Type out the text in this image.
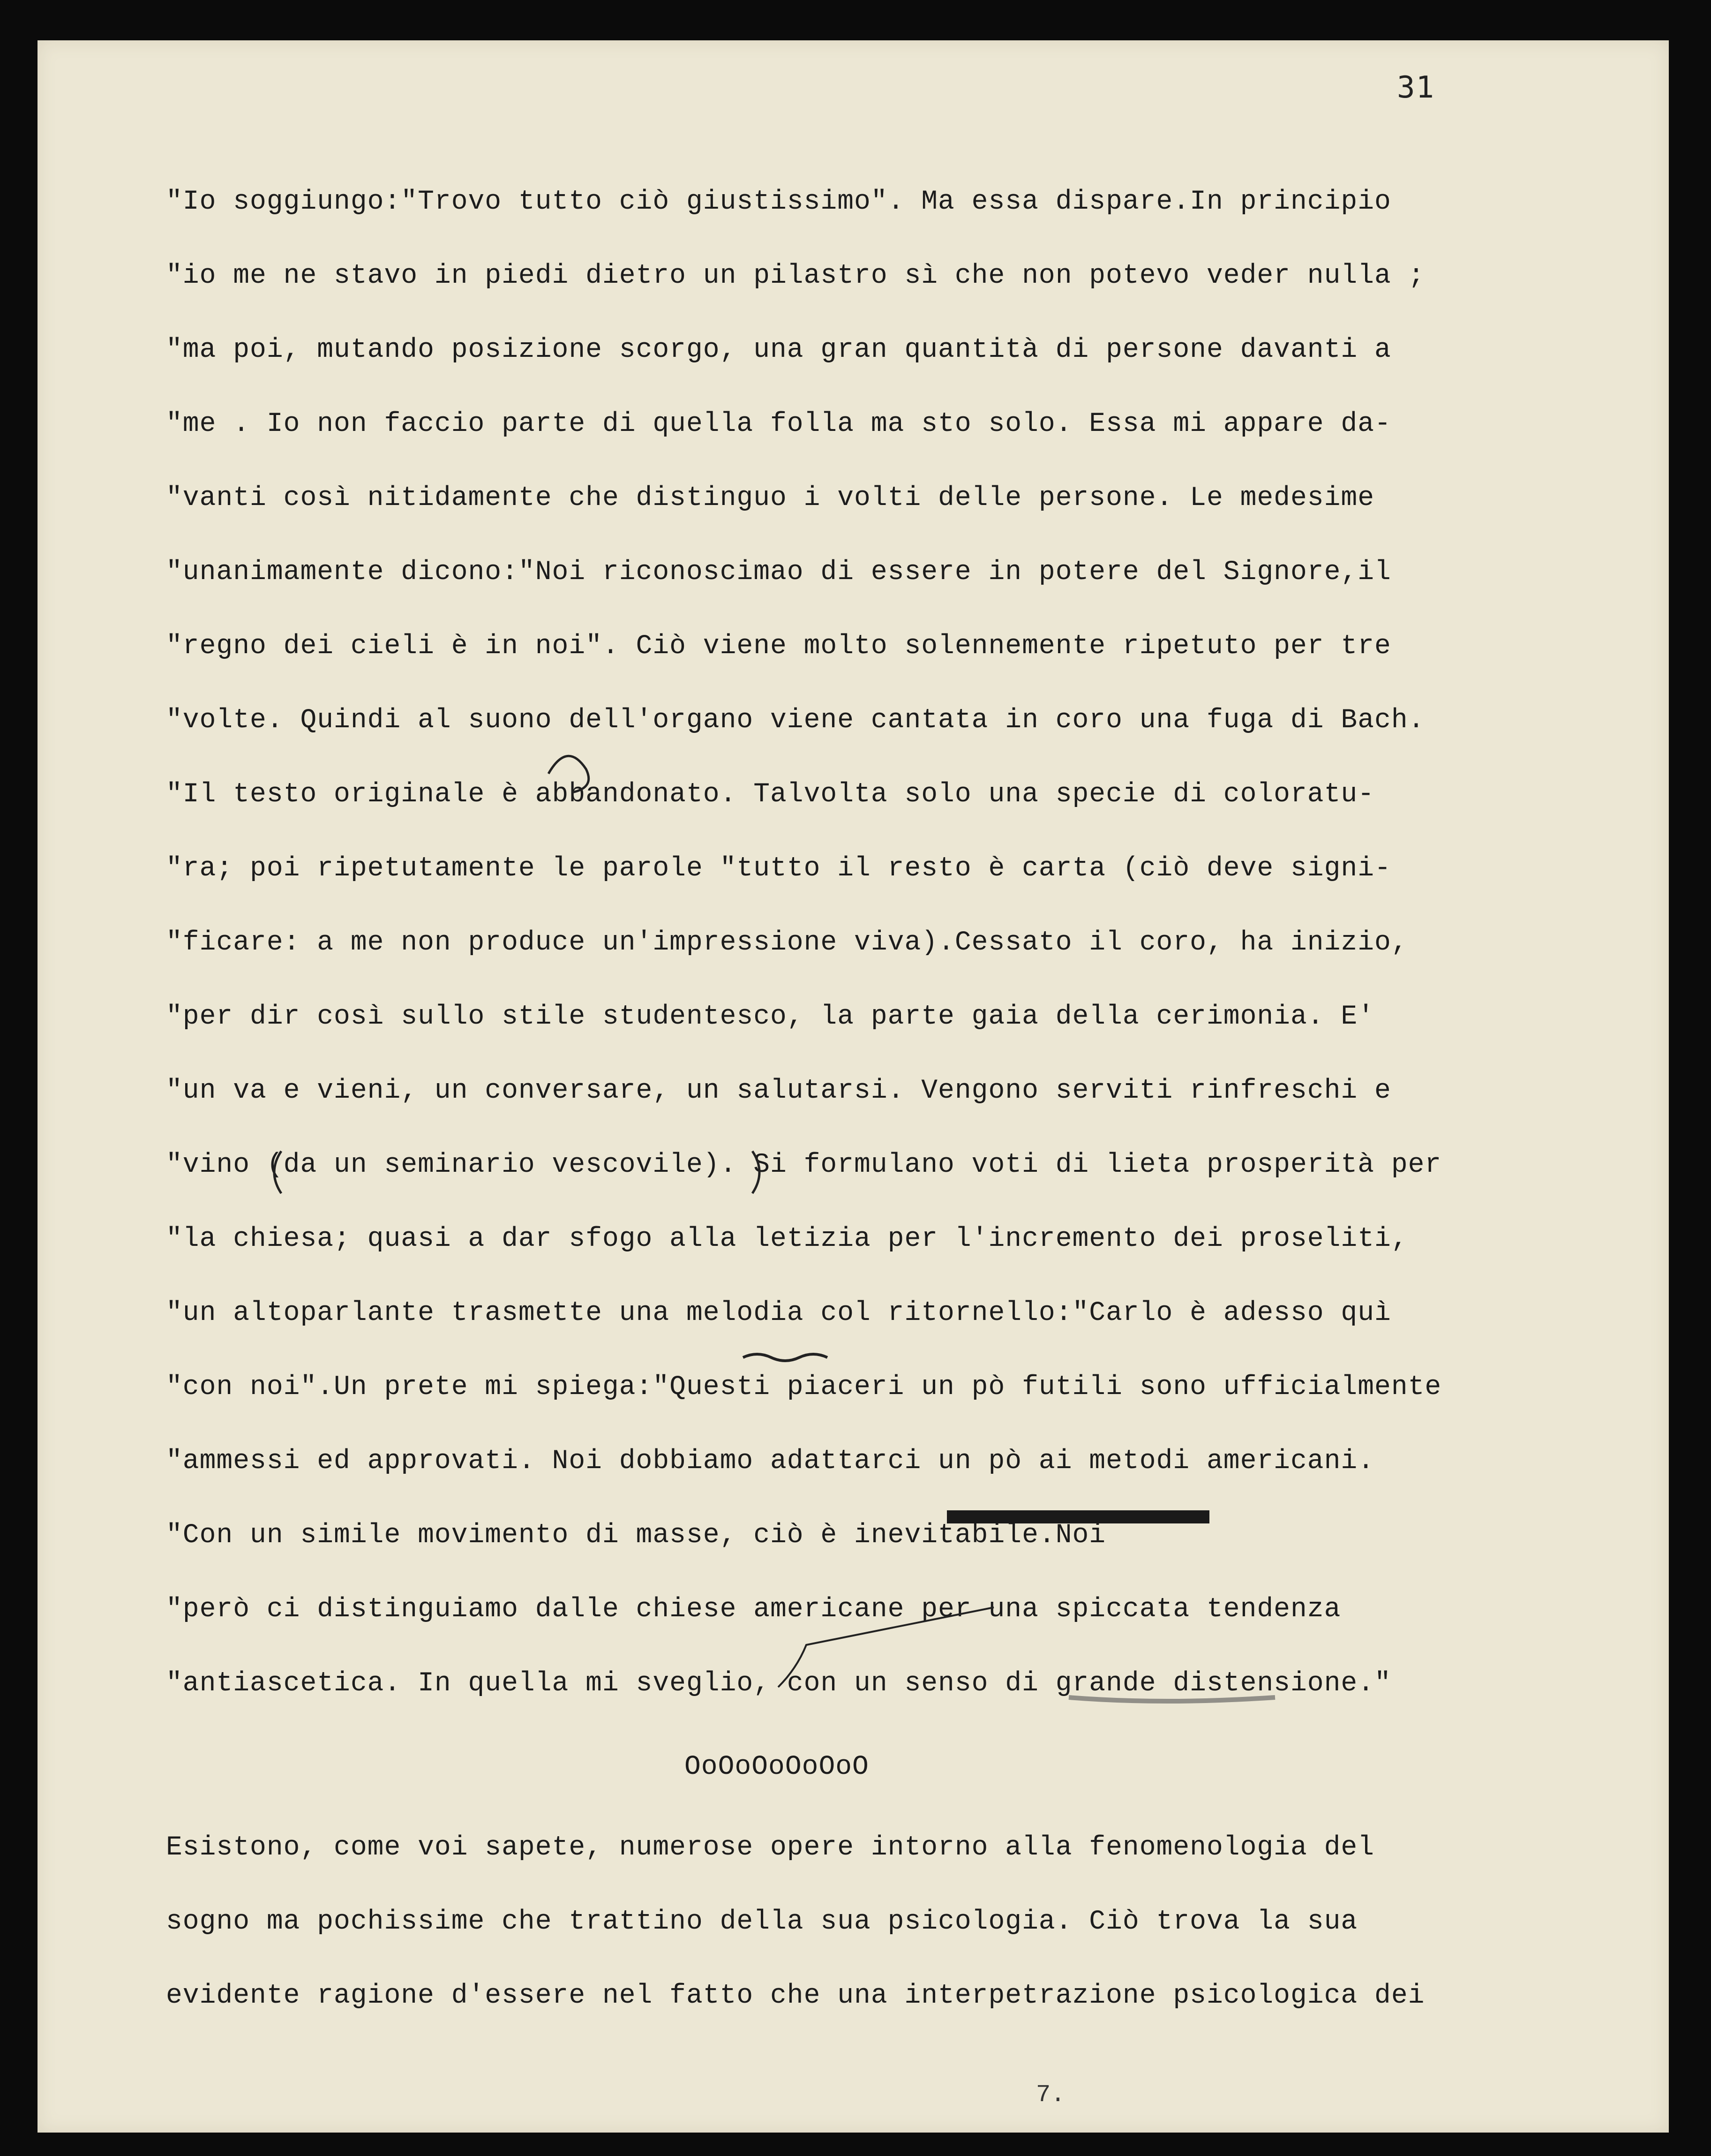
31
"Io soggiungo:"Trovo tutto ciò giustissimo". Ma essa dispare.In principio
"io me ne stavo in piedi dietro un pilastro sì che non potevo veder nulla ;
"ma poi, mutando posizione scorgo, una gran quantità di persone davanti a
"me . Io non faccio parte di quella folla ma sto solo. Essa mi appare da-
"vanti così nitidamente che distinguo i volti delle persone. Le medesime
"unanimamente dicono:"Noi riconoscimao di essere in potere del Signore,il
"regno dei cieli è in noi". Ciò viene molto solennemente ripetuto per tre
"volte. Quindi al suono dell'organo viene cantata in coro una fuga di Bach.
"Il testo originale è abbandonato. Talvolta solo una specie di coloratu-
"ra; poi ripetutamente le parole "tutto il resto è carta (ciò deve signi-
"ficare: a me non produce un'impressione viva).Cessato il coro, ha inizio,
"per dir così sullo stile studentesco, la parte gaia della cerimonia. E'
"un va e vieni, un conversare, un salutarsi. Vengono serviti rinfreschi e
"vino (da un seminario vescovile). Si formulano voti di lieta prosperità per
"la chiesa; quasi a dar sfogo alla letizia per l'incremento dei proseliti,
"un altoparlante trasmette una melodia col ritornello:"Carlo è adesso quì
"con noi".Un prete mi spiega:"Questi piaceri un pò futili sono ufficialmente
"ammessi ed approvati. Noi dobbiamo adattarci un pò ai metodi americani.
"Con un simile movimento di masse, ciò è inevitabile.Noi
"però ci distinguiamo dalle chiese americane per una spiccata tendenza
"antiascetica. In quella mi sveglio, con un senso di grande distensione."
OoOoOoOoOoO
Esistono, come voi sapete, numerose opere intorno alla fenomenologia del
sogno ma pochissime che trattino della sua psicologia. Ciò trova la sua
evidente ragione d'essere nel fatto che una interpetrazione psicologica dei
7.
